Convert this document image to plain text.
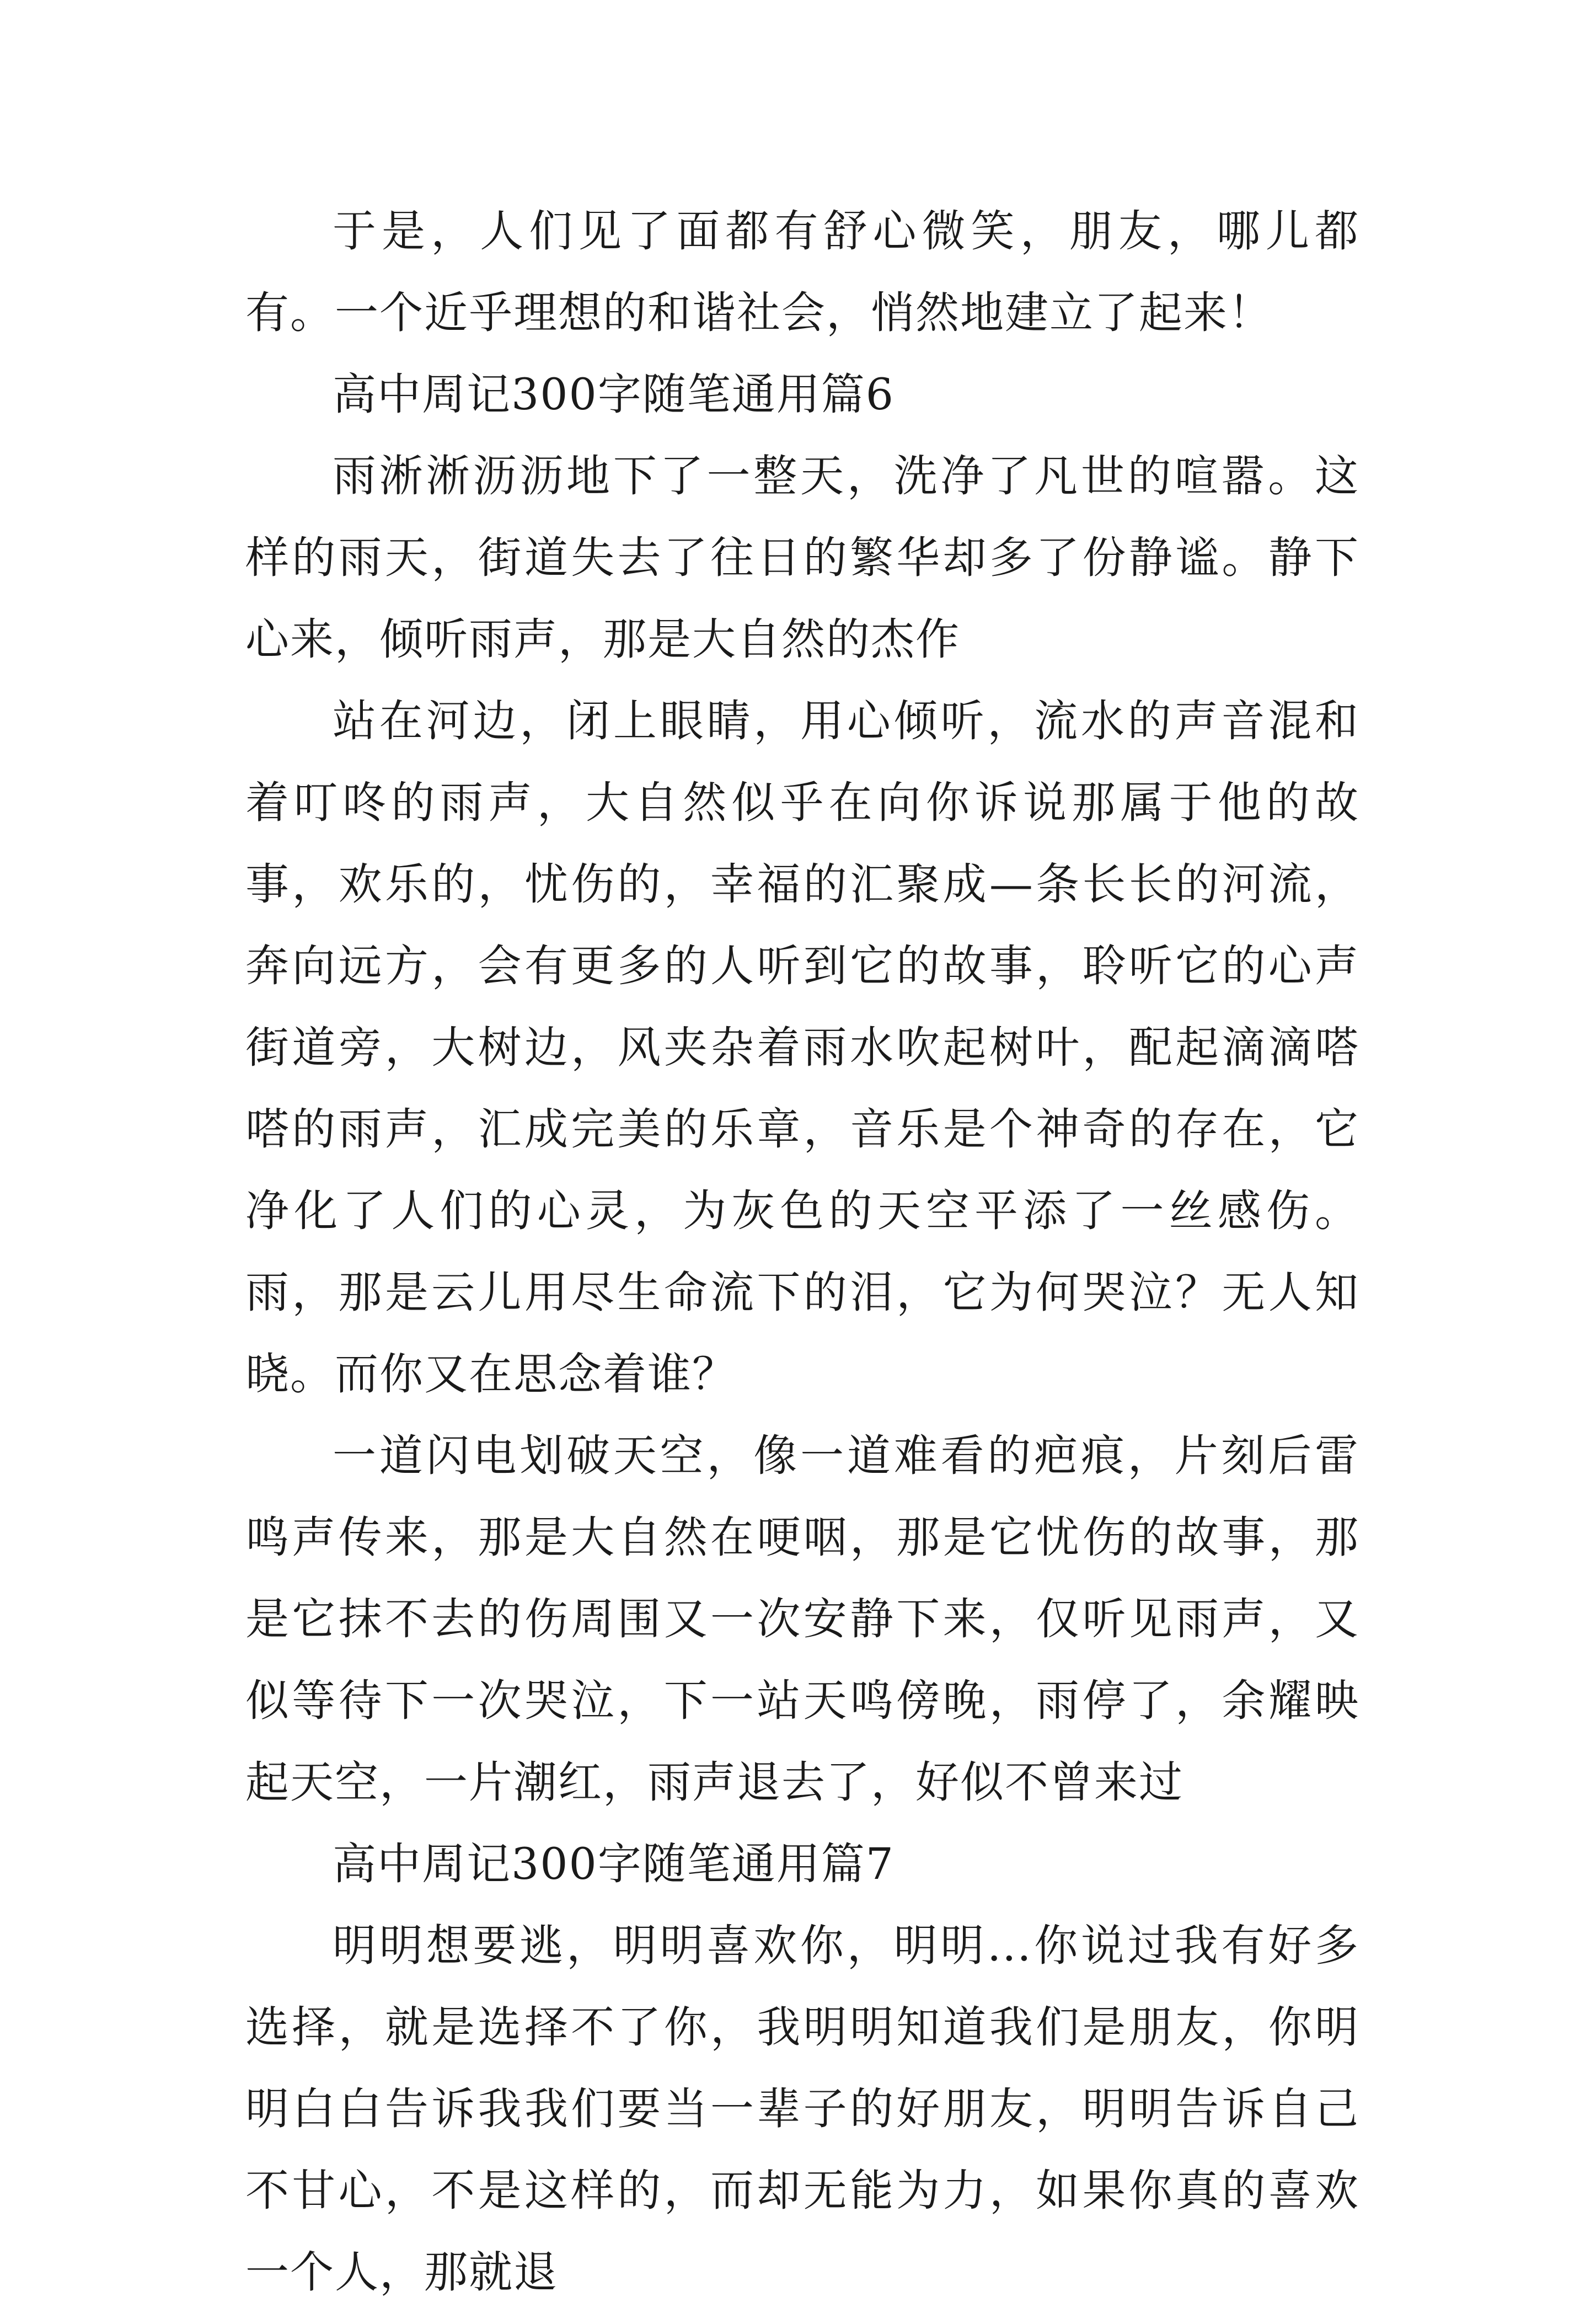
于是，人们见了面都有舒心微笑，朋友，哪儿都有。一个近乎理想的和谐社会，悄然地建立了起来！

高中周记300字随笔通用篇6

雨淅淅沥沥地下了一整天，洗净了凡世的喧嚣。这样的雨天，街道失去了往日的繁华却多了份静谧。静下心来，倾听雨声，那是大自然的杰作

站在河边，闭上眼睛，用心倾听，流水的声音混和着叮咚的雨声，大自然似乎在向你诉说那属于他的故事，欢乐的，忧伤的，幸福的汇聚成—条长长的河流，奔向远方，会有更多的人听到它的故事，聆听它的心声街道旁，大树边，风夹杂着雨水吹起树叶，配起滴滴嗒嗒的雨声，汇成完美的乐章，音乐是个神奇的存在，它净化了人们的心灵，为灰色的天空平添了一丝感伤。雨，那是云儿用尽生命流下的泪，它为何哭泣？无人知晓。而你又在思念着谁？

一道闪电划破天空，像一道难看的疤痕，片刻后雷鸣声传来，那是大自然在哽咽，那是它忧伤的故事，那是它抹不去的伤周围又一次安静下来，仅听见雨声，又似等待下一次哭泣，下一站天鸣傍晚，雨停了，余耀映起天空，一片潮红，雨声退去了，好似不曾来过

高中周记300字随笔通用篇7

明明想要逃，明明喜欢你，明明...你说过我有好多选择，就是选择不了你，我明明知道我们是朋友，你明明白白告诉我我们要当一辈子的好朋友，明明告诉自己不甘心，不是这样的，而却无能为力，如果你真的喜欢一个人，那就退
